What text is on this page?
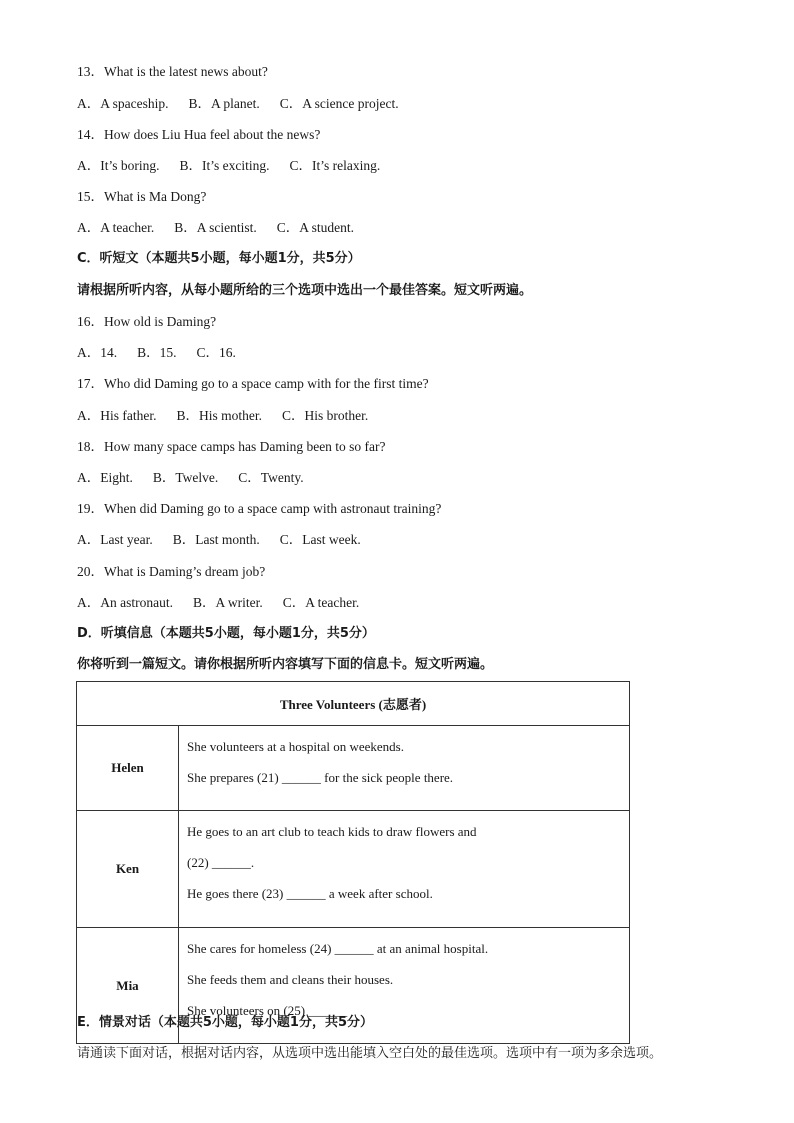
13．What is the latest news about?
A．A spaceship. B．A planet. C．A science project.
14．How does Liu Hua feel about the news?
A．It’s boring. B．It’s exciting. C．It’s relaxing.
15．What is Ma Dong?
A．A teacher. B．A scientist. C．A student.
C．听短文（本题共5小题，每小题1分，共5分）
请根据所听内容，从每小题所给的三个选项中选出一个最佳答案。短文听两遍。
16．How old is Daming?
A．14. B．15. C．16.
17．Who did Daming go to a space camp with for the first time?
A．His father. B．His mother. C．His brother.
18．How many space camps has Daming been to so far?
A．Eight. B．Twelve. C．Twenty.
19．When did Daming go to a space camp with astronaut training?
A．Last year. B．Last month. C．Last week.
20．What is Daming’s dream job?
A．An astronaut. B．A writer. C．A teacher.
D．听填信息（本题共5小题，每小题1分，共5分）
你将听到一篇短文。请你根据所听内容填写下面的信息卡。短文听两遍。
Three Volunteers (志愿者)	
Helen	She volunteers at a hospital on weekends.

She prepares (21) ______ for the sick people there.

Ken	He goes to an art club to teach kids to draw flowers and

(22) ______.

He goes there (23) ______ a week after school.

Mia	She cares for homeless (24) ______ at an animal hospital.

She feeds them and cleans their houses.

She volunteers on (25) ______

E．情景对话（本题共5小题，每小题1分，共5分）
请通读下面对话，根据对话内容，从选项中选出能填入空白处的最佳选项。选项中有一项为多余选项。
